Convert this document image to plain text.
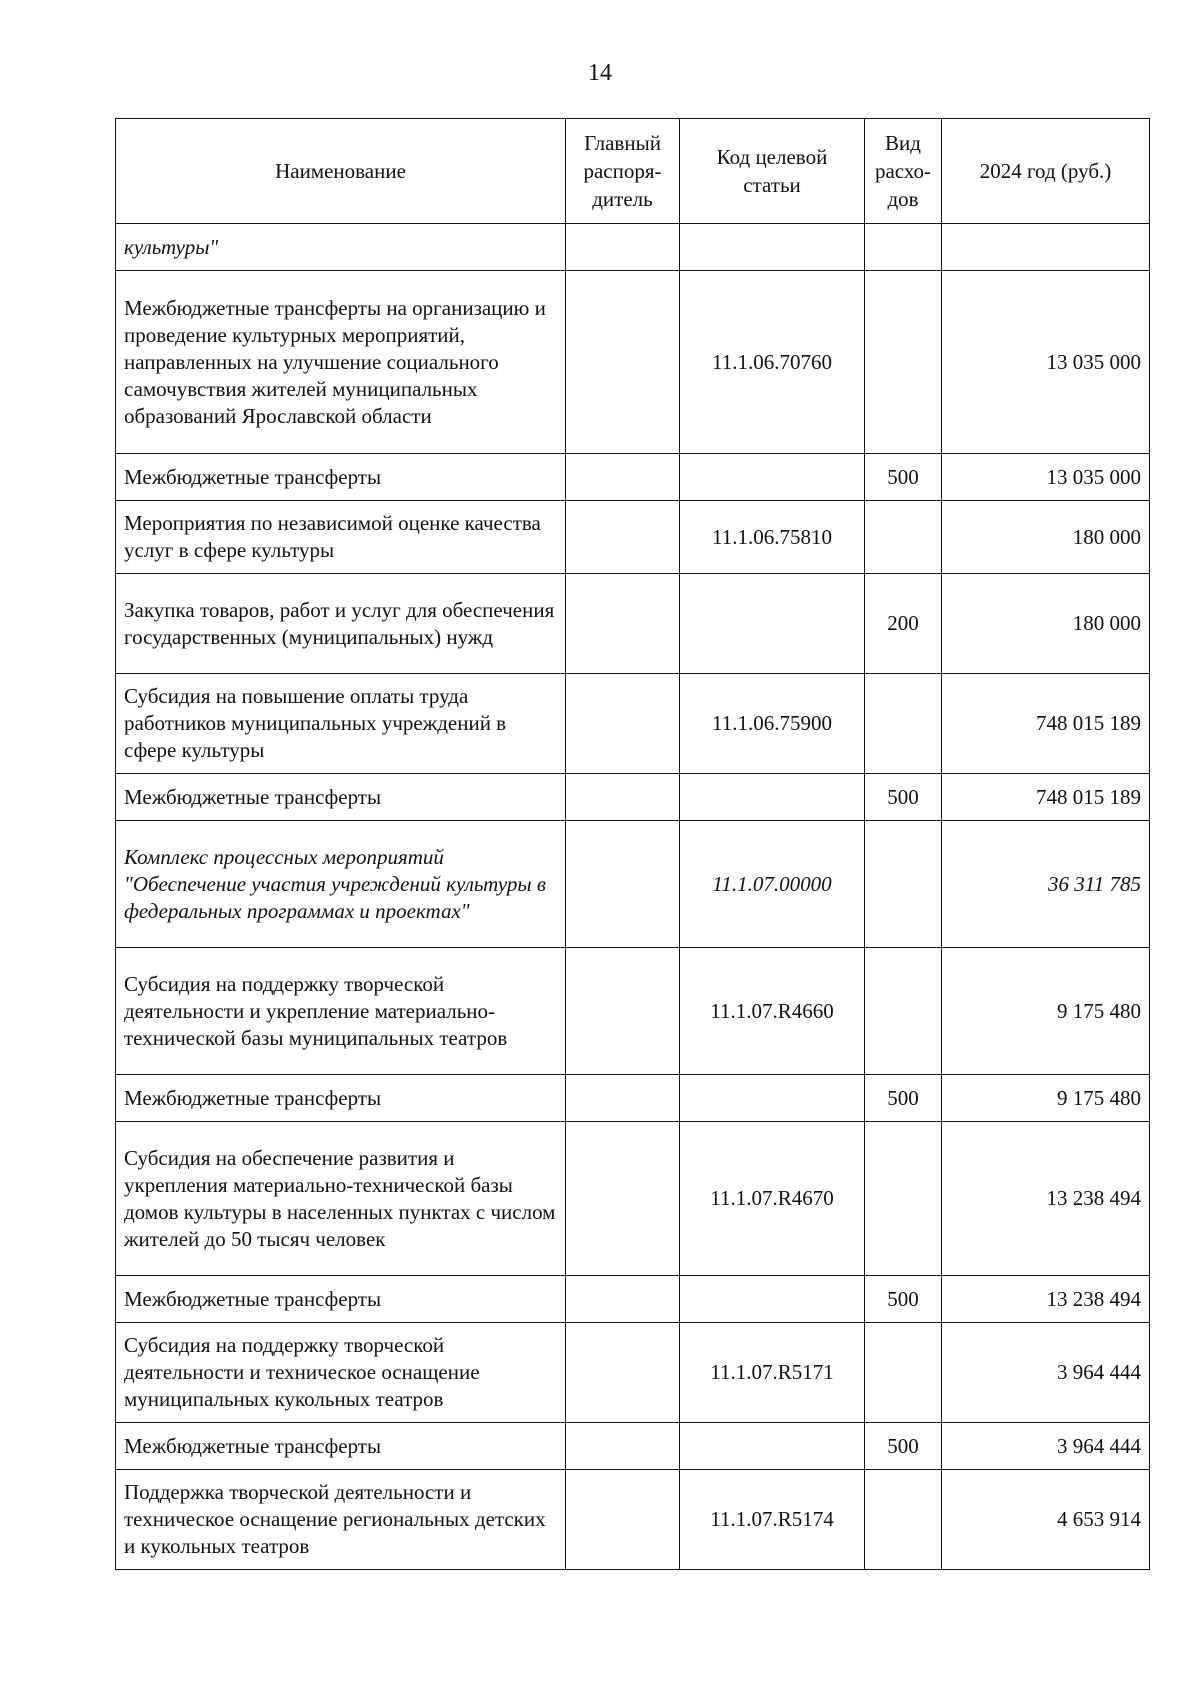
14
Наименование	Главный распоря-дитель	Код целевой статьи	Вид расхо-дов	2024 год (руб.)
культуры"				
Межбюджетные трансферты на организацию и проведение культурных мероприятий, направленных на улучшение социального самочувствия жителей муниципальных образований Ярославской области		11.1.06.70760		13 035 000
Межбюджетные трансферты			500	13 035 000
Мероприятия по независимой оценке качества услуг в сфере культуры		11.1.06.75810		180 000
Закупка товаров, работ и услуг для обеспечения государственных (муниципальных) нужд			200	180 000
Субсидия на повышение оплаты труда работников муниципальных учреждений в сфере культуры		11.1.06.75900		748 015 189
Межбюджетные трансферты			500	748 015 189
Комплекс процессных мероприятий "Обеспечение участия учреждений культуры в федеральных программах и проектах"		11.1.07.00000		36 311 785
Субсидия на поддержку творческой деятельности и укрепление материально-технической базы муниципальных театров		11.1.07.R4660		9 175 480
Межбюджетные трансферты			500	9 175 480
Субсидия на обеспечение развития и укрепления материально-технической базы домов культуры в населенных пунктах с числом жителей до 50 тысяч человек		11.1.07.R4670		13 238 494
Межбюджетные трансферты			500	13 238 494
Субсидия на поддержку творческой деятельности и техническое оснащение муниципальных кукольных театров		11.1.07.R5171		3 964 444
Межбюджетные трансферты			500	3 964 444
Поддержка творческой деятельности и техническое оснащение региональных детских и кукольных театров		11.1.07.R5174		4 653 914
